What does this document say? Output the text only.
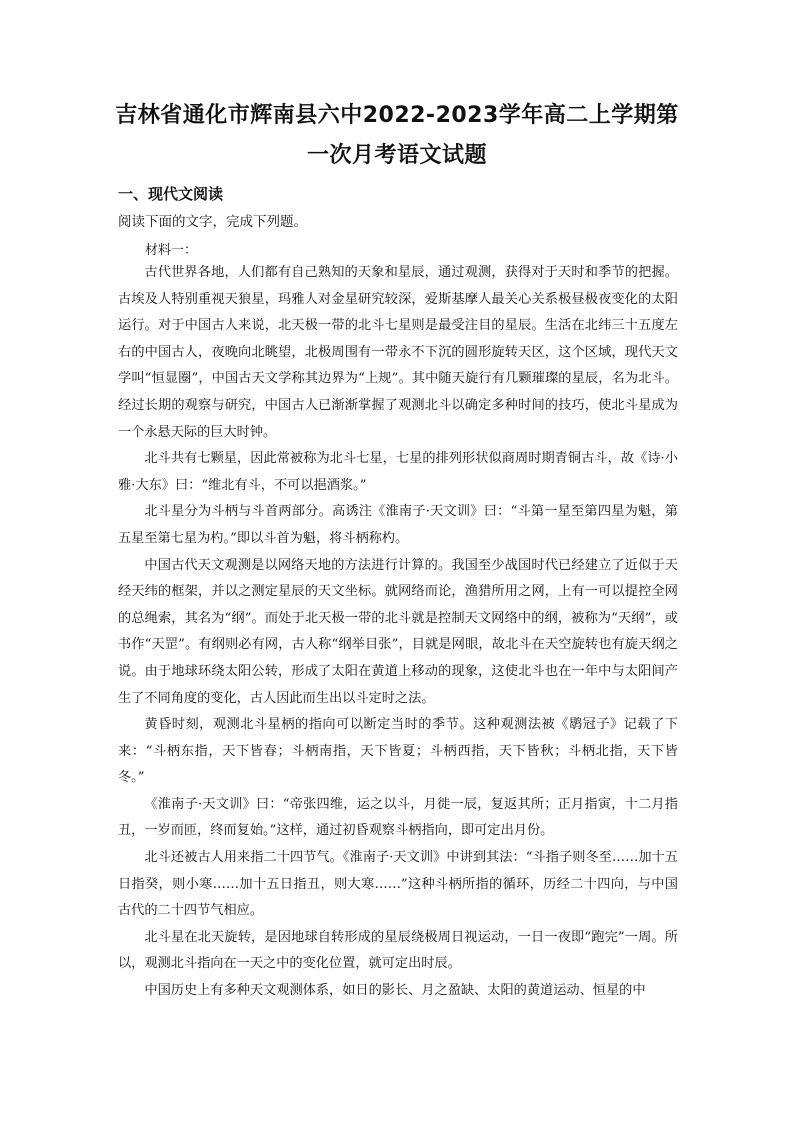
吉林省通化市辉南县六中2022-2023学年高二上学期第
一次月考语文试题
一、现代文阅读
阅读下面的文字，完成下列题。
材料一：

古代世界各地，人们都有自己熟知的天象和星辰，通过观测，获得对于天时和季节的把握。古埃及人特别重视天狼星，玛雅人对金星研究较深，爱斯基摩人最关心关系极昼极夜变化的太阳运行。对于中国古人来说，北天极一带的北斗七星则是最受注目的星辰。生活在北纬三十五度左右的中国古人，夜晚向北眺望，北极周围有一带永不下沉的圆形旋转天区，这个区域，现代天文学叫“恒显圈”，中国古天文学称其边界为“上规”。其中随天旋行有几颗璀璨的星辰，名为北斗。经过长期的观察与研究，中国古人已渐渐掌握了观测北斗以确定多种时间的技巧，使北斗星成为一个永悬天际的巨大时钟。

北斗共有七颗星，因此常被称为北斗七星，七星的排列形状似商周时期青铜古斗，故《诗·小雅·大东》曰：“维北有斗，不可以挹酒浆。”

北斗星分为斗柄与斗首两部分。高诱注《淮南子·天文训》曰：“斗第一星至第四星为魁，第五星至第七星为杓。”即以斗首为魁，将斗柄称杓。

中国古代天文观测是以网络天地的方法进行计算的。我国至少战国时代已经建立了近似于天经天纬的框架，并以之测定星辰的天文坐标。就网络而论，渔猎所用之网，上有一可以提控全网的总绳索，其名为“纲”。而处于北天极一带的北斗就是控制天文网络中的纲，被称为“天纲”，或书作“天罡”。有纲则必有网，古人称“纲举目张”，目就是网眼，故北斗在天空旋转也有旋天纲之说。由于地球环绕太阳公转，形成了太阳在黄道上移动的现象，这使北斗也在一年中与太阳间产生了不同角度的变化，古人因此而生出以斗定时之法。

黄昏时刻，观测北斗星柄的指向可以断定当时的季节。这种观测法被《鹖冠子》记载了下来：“斗柄东指，天下皆春；斗柄南指，天下皆夏；斗柄西指，天下皆秋；斗柄北指，天下皆冬。”

《淮南子·天文训》曰：“帝张四维，运之以斗，月徙一辰，复返其所；正月指寅，十二月指丑，一岁而匝，终而复始。”这样，通过初昏观察斗柄指向，即可定出月份。

北斗还被古人用来指二十四节气。《淮南子·天文训》中讲到其法：“斗指子则冬至……加十五日指癸，则小寒……加十五日指丑，则大寒……”这种斗柄所指的循环，历经二十四向，与中国古代的二十四节气相应。

北斗星在北天旋转，是因地球自转形成的星辰绕极周日视运动，一日一夜即“跑完”一周。所以，观测北斗指向在一天之中的变化位置，就可定出时辰。

中国历史上有多种天文观测体系，如日的影长、月之盈缺、太阳的黄道运动、恒星的中
